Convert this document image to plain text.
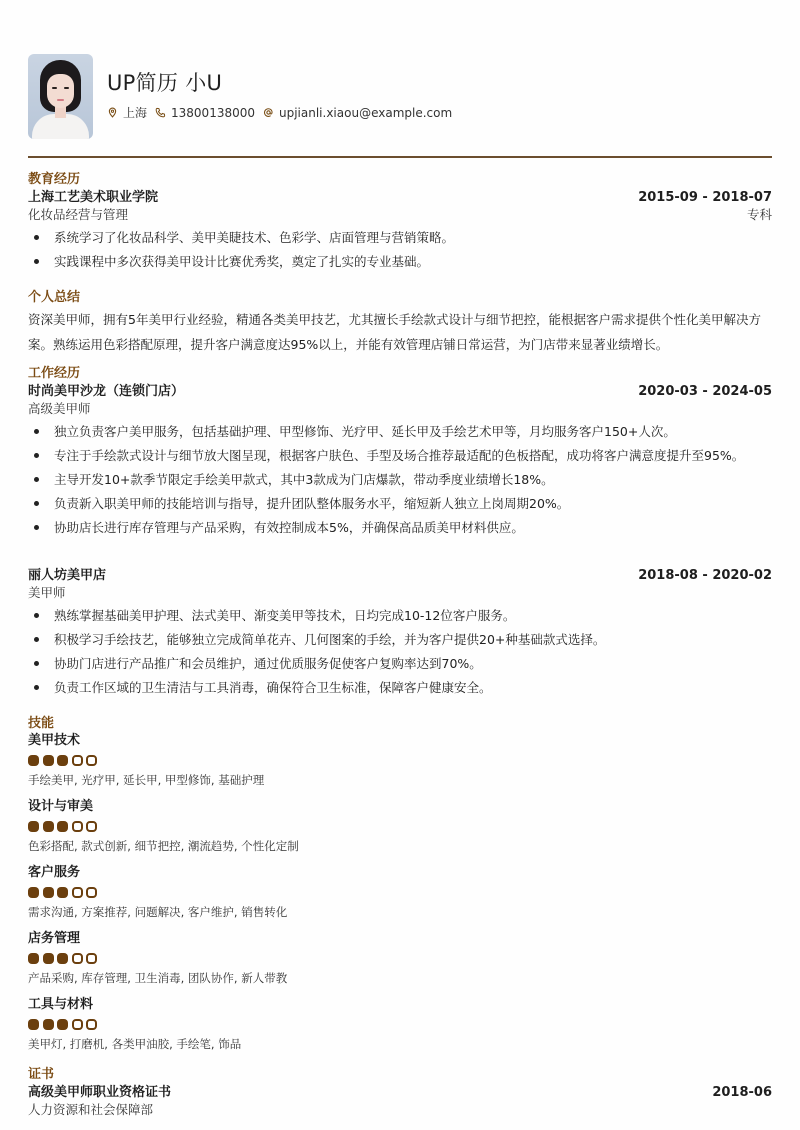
UP简历 小U
上海 13800138000 upjianli.xiaou@example.com
教育经历
上海工艺美术职业学院	2015-09 - 2018-07
化妆品经营与管理	专科
系统学习了化妆品科学、美甲美睫技术、色彩学、店面管理与营销策略。
实践课程中多次获得美甲设计比赛优秀奖，奠定了扎实的专业基础。
个人总结
资深美甲师，拥有5年美甲行业经验，精通各类美甲技艺，尤其擅长手绘款式设计与细节把控，能根据客户需求提供个性化美甲解决方案。熟练运用色彩搭配原理，提升客户满意度达95%以上，并能有效管理店铺日常运营，为门店带来显著业绩增长。
工作经历
时尚美甲沙龙（连锁门店）	2020-03 - 2024-05
高级美甲师
独立负责客户美甲服务，包括基础护理、甲型修饰、光疗甲、延长甲及手绘艺术甲等，月均服务客户150+人次。
专注于手绘款式设计与细节放大图呈现，根据客户肤色、手型及场合推荐最适配的色板搭配，成功将客户满意度提升至95%。
主导开发10+款季节限定手绘美甲款式，其中3款成为门店爆款，带动季度业绩增长18%。
负责新入职美甲师的技能培训与指导，提升团队整体服务水平，缩短新人独立上岗周期20%。
协助店长进行库存管理与产品采购，有效控制成本5%，并确保高品质美甲材料供应。
丽人坊美甲店	2018-08 - 2020-02
美甲师
熟练掌握基础美甲护理、法式美甲、渐变美甲等技术，日均完成10-12位客户服务。
积极学习手绘技艺，能够独立完成简单花卉、几何图案的手绘，并为客户提供20+种基础款式选择。
协助门店进行产品推广和会员维护，通过优质服务促使客户复购率达到70%。
负责工作区域的卫生清洁与工具消毒，确保符合卫生标准，保障客户健康安全。
技能
美甲技术
手绘美甲, 光疗甲, 延长甲, 甲型修饰, 基础护理
设计与审美
色彩搭配, 款式创新, 细节把控, 潮流趋势, 个性化定制
客户服务
需求沟通, 方案推荐, 问题解决, 客户维护, 销售转化
店务管理
产品采购, 库存管理, 卫生消毒, 团队协作, 新人带教
工具与材料
美甲灯, 打磨机, 各类甲油胶, 手绘笔, 饰品
证书
高级美甲师职业资格证书	2018-06
人力资源和社会保障部
